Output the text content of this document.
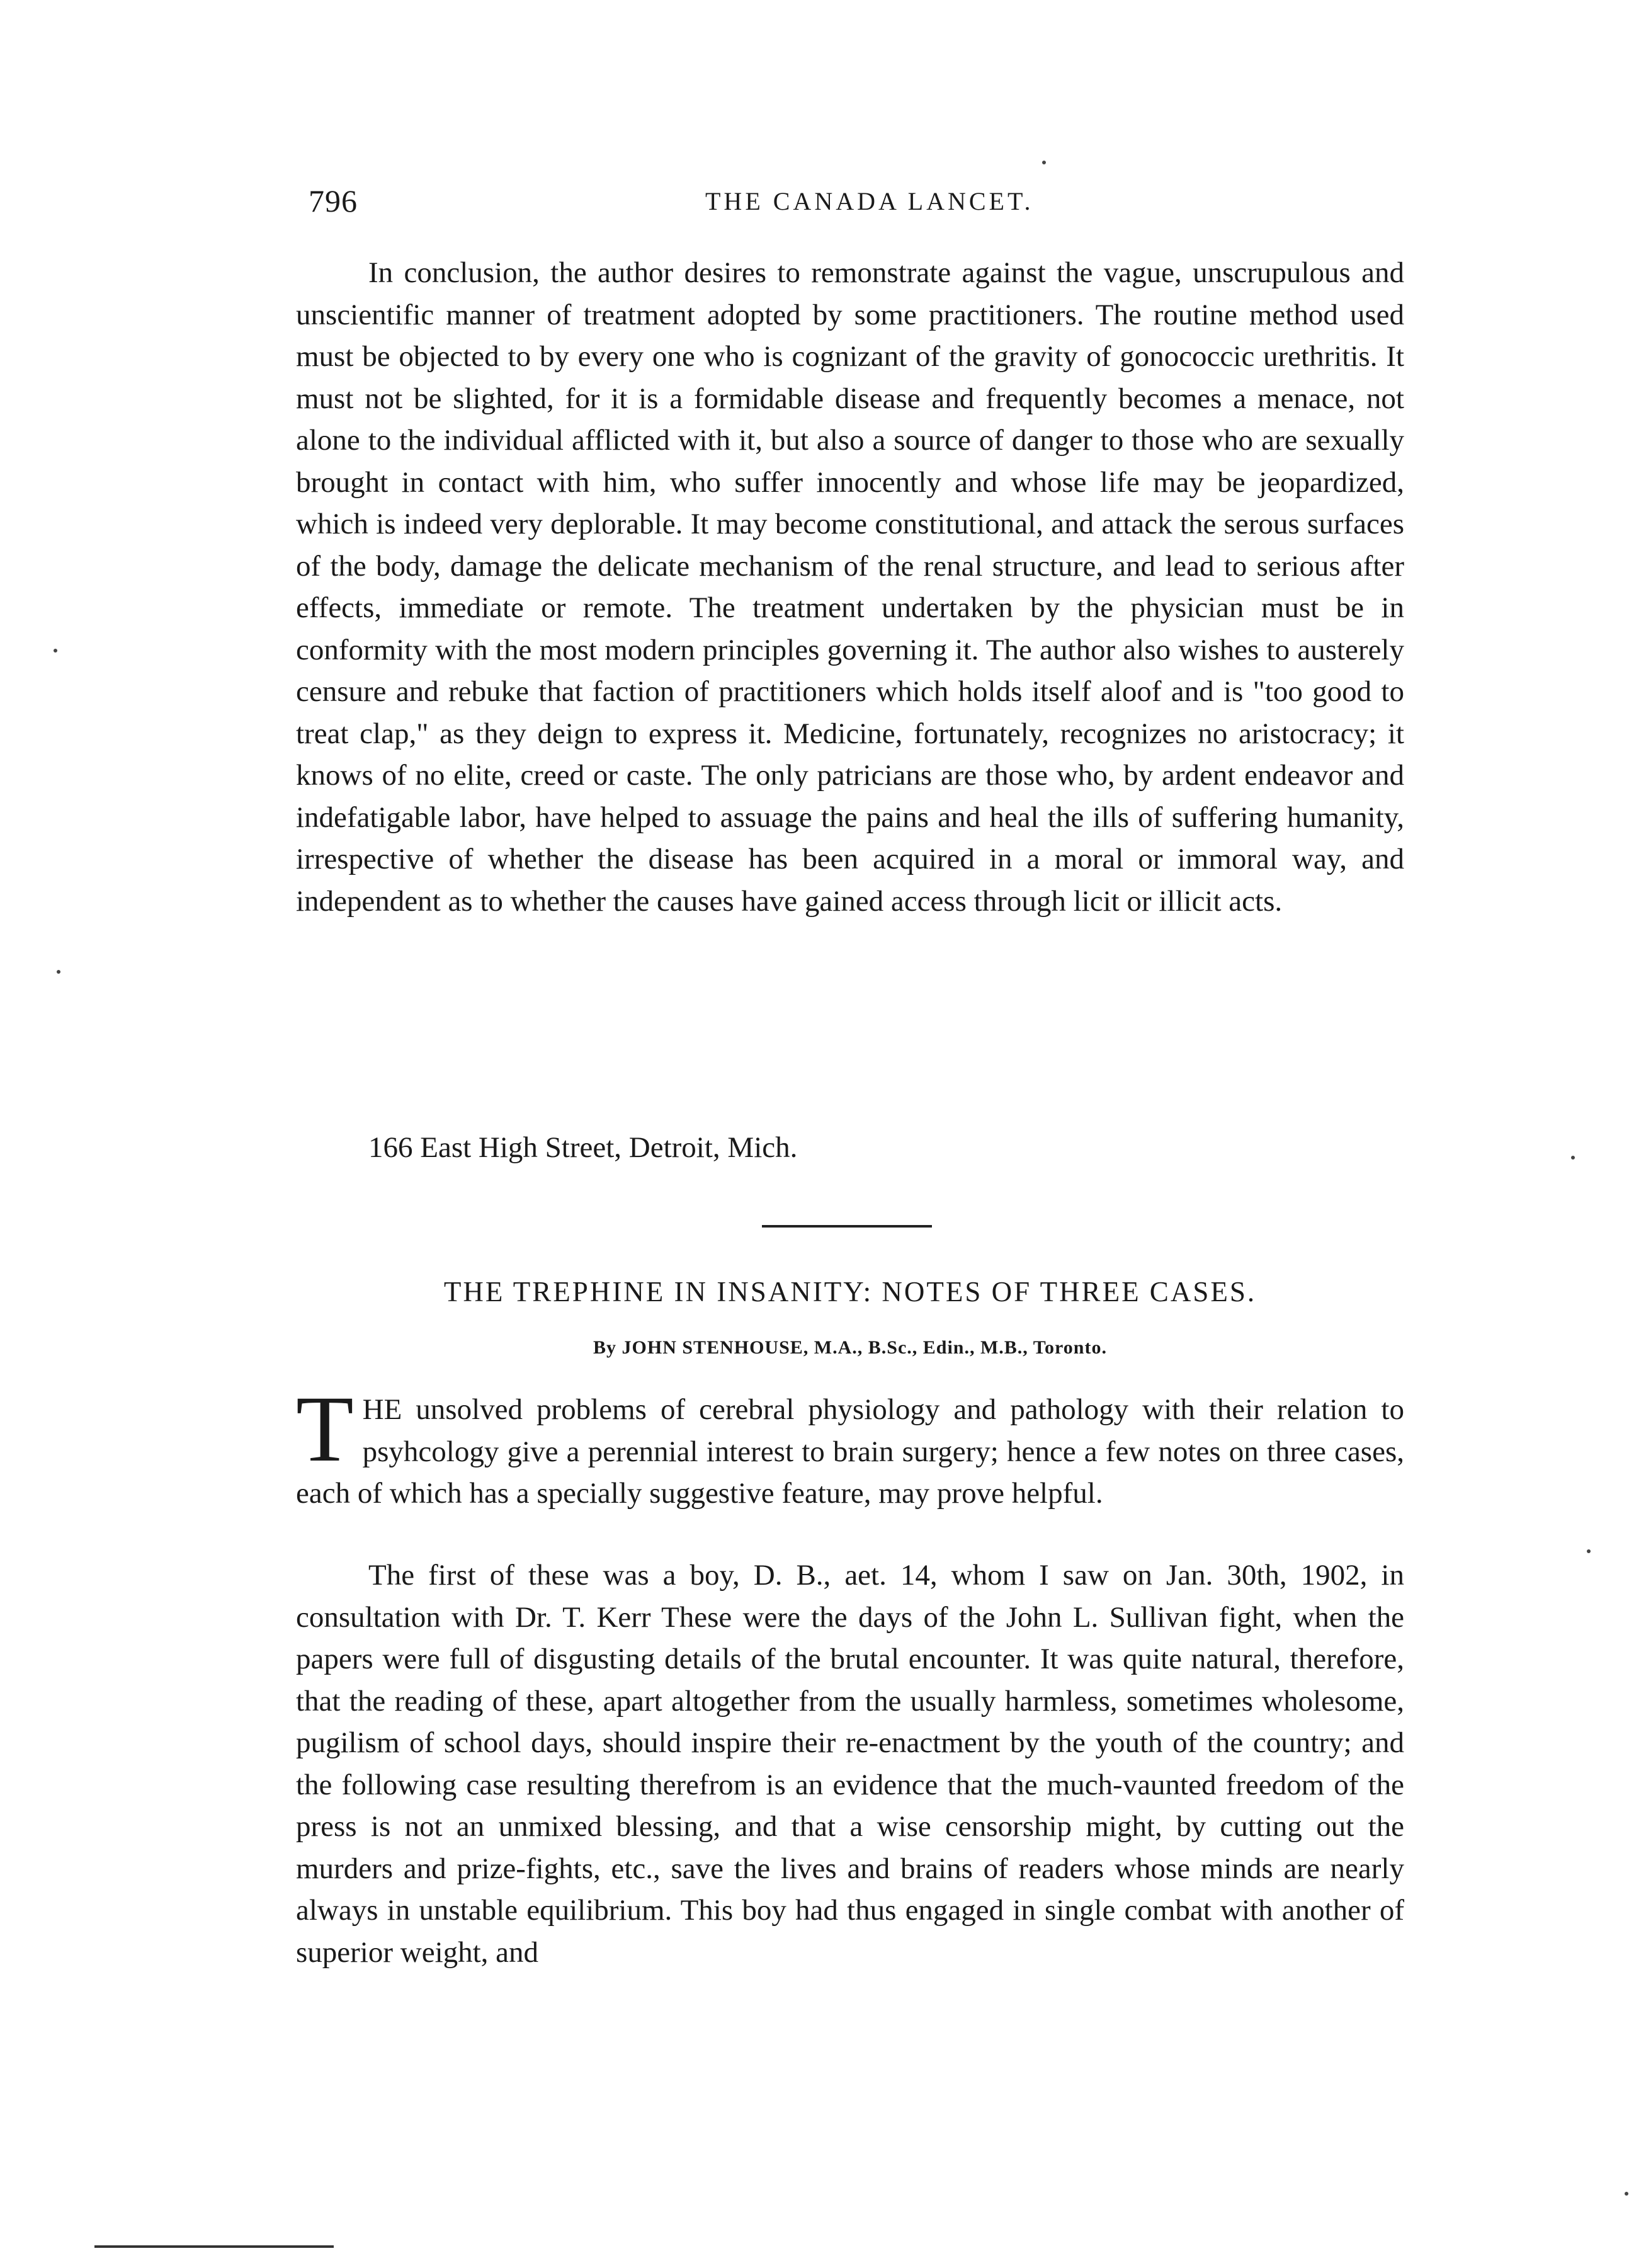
796	THE CANADA LANCET.

In conclusion, the author desires to remonstrate against the vague, unscrupulous and unscientific manner of treatment adopted by some practitioners. The routine method used must be objected to by every one who is cognizant of the gravity of gonococcic urethritis. It must not be slighted, for it is a formidable disease and frequently becomes a menace, not alone to the individual afflicted with it, but also a source of danger to those who are sexually brought in contact with him, who suffer innocently and whose life may be jeopardized, which is indeed very deplorable. It may become constitutional, and attack the serous surfaces of the body, damage the delicate mechanism of the renal structure, and lead to serious after effects, immediate or remote. The treatment undertaken by the physician must be in conformity with the most modern principles governing it. The author also wishes to austerely censure and rebuke that faction of practitioners which holds itself aloof and is "too good to treat clap," as they deign to express it. Medicine, fortunately, recognizes no aristocracy; it knows of no elite, creed or caste. The only patricians are those who, by ardent endeavor and indefatigable labor, have helped to assuage the pains and heal the ills of suffering humanity, irrespective of whether the disease has been acquired in a moral or immoral way, and independent as to whether the causes have gained access through licit or illicit acts.

166 East High Street, Detroit, Mich.
THE TREPHINE IN INSANITY: NOTES OF THREE CASES.
By JOHN STENHOUSE, M.A., B.Sc., Edin., M.B., Toronto.
T HE unsolved problems of cerebral physiology and pathology with their relation to psyhcology give a perennial interest to brain surgery; hence a few notes on three cases, each of which has a specially suggestive feature, may prove helpful.

The first of these was a boy, D. B., aet. 14, whom I saw on Jan. 30th, 1902, in consultation with Dr. T. Kerr These were the days of the John L. Sullivan fight, when the papers were full of disgusting details of the brutal encounter. It was quite natural, therefore, that the reading of these, apart altogether from the usually harmless, sometimes wholesome, pugilism of school days, should inspire their re-enactment by the youth of the country; and the following case resulting therefrom is an evidence that the much-vaunted freedom of the press is not an unmixed blessing, and that a wise censorship might, by cutting out the murders and prize-fights, etc., save the lives and brains of readers whose minds are nearly always in unstable equilibrium. This boy had thus engaged in single combat with another of superior weight, and
